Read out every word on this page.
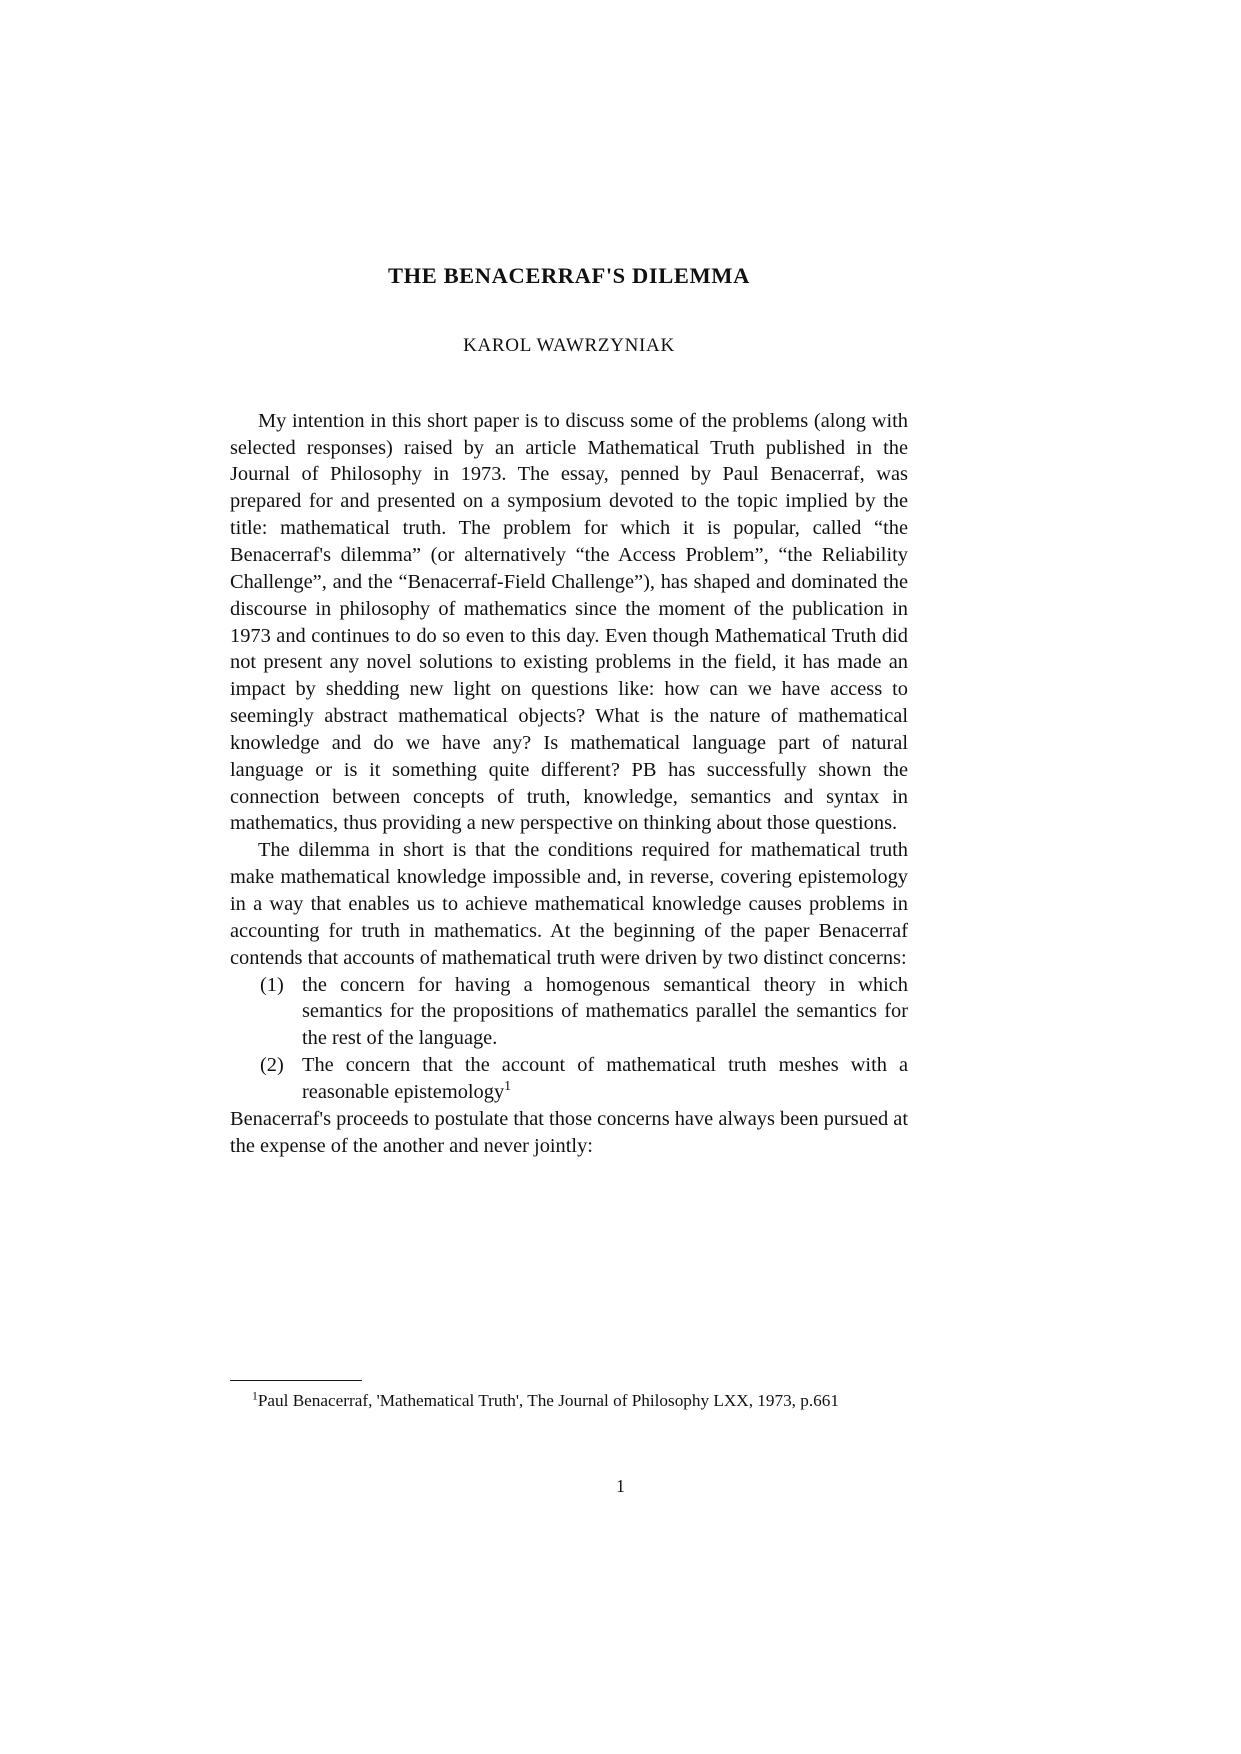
THE BENACERRAF'S DILEMMA
KAROL WAWRZYNIAK

My intention in this short paper is to discuss some of the problems (along with selected responses) raised by an article Mathematical Truth published in the Journal of Philosophy in 1973. The essay, penned by Paul Benacerraf, was prepared for and presented on a symposium devoted to the topic implied by the title: mathematical truth. The problem for which it is popular, called “the Benacerraf's dilemma” (or alternatively “the Access Problem”, “the Reliability Challenge”, and the “Benacerraf-Field Challenge”), has shaped and dominated the discourse in philosophy of mathematics since the moment of the publication in 1973 and continues to do so even to this day. Even though Mathematical Truth did not present any novel solutions to existing problems in the field, it has made an impact by shedding new light on questions like: how can we have access to seemingly abstract mathematical objects? What is the nature of mathematical knowledge and do we have any? Is mathematical language part of natural language or is it something quite different? PB has successfully shown the connection between concepts of truth, knowledge, semantics and syntax in mathematics, thus providing a new perspective on thinking about those questions.

The dilemma in short is that the conditions required for mathematical truth make mathematical knowledge impossible and, in reverse, covering epistemology in a way that enables us to achieve mathematical knowledge causes problems in accounting for truth in mathematics. At the beginning of the paper Benacerraf contends that accounts of mathematical truth were driven by two distinct concerns:

(1) the concern for having a homogenous semantical theory in which semantics for the propositions of mathematics parallel the semantics for the rest of the language.
(2) The concern that the account of mathematical truth meshes with a reasonable epistemology$^1$

Benacerraf's proceeds to postulate that those concerns have always been pursued at the expense of the another and never jointly:

$^1$Paul Benacerraf, 'Mathematical Truth', The Journal of Philosophy LXX, 1973, p.661

1
